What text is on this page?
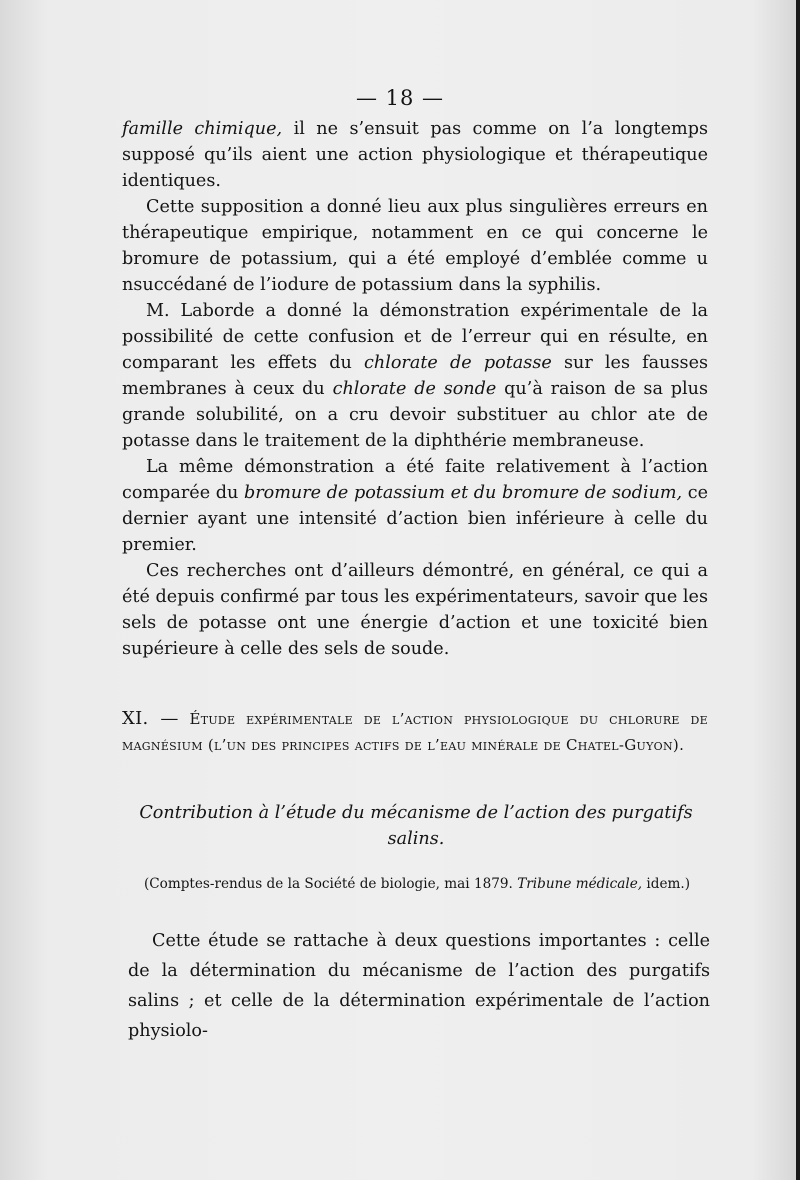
— 18 —

famille chimique, il ne s’ensuit pas comme on l’a longtemps supposé qu’ils aient une action physiologique et thérapeutique identiques.

Cette supposition a donné lieu aux plus singulières erreurs en thérapeutique empirique, notamment en ce qui concerne le bromure de potassium, qui a été employé d’emblée comme u nsuccédané de l’iodure de potassium dans la syphilis.

M. Laborde a donné la démonstration expérimentale de la possibilité de cette confusion et de l’erreur qui en résulte, en comparant les effets du chlorate de potasse sur les fausses membranes à ceux du chlorate de sonde qu’à raison de sa plus grande solubilité, on a cru devoir substituer au chlor ate de potasse dans le traitement de la diphthérie membraneuse.

La même démonstration a été faite relativement à l’action comparée du bromure de potassium et du bromure de sodium, ce dernier ayant une intensité d’action bien inférieure à celle du premier.

Ces recherches ont d’ailleurs démontré, en général, ce qui a été depuis confirmé par tous les expérimentateurs, savoir que les sels de potasse ont une énergie d’action et une toxicité bien supérieure à celle des sels de soude.

XI. — Étude expérimentale de l’action physiologique du chlorure de magnésium (l’un des principes actifs de l’eau minérale de Chatel-Guyon).
Contribution à l’étude du mécanisme de l’action des purgatifs salins.
(Comptes-rendus de la Société de biologie, mai 1879. Tribune médicale, idem.)

Cette étude se rattache à deux questions importantes : celle de la détermination du mécanisme de l’action des purgatifs salins ; et celle de la détermination expérimentale de l’action physiolo-
